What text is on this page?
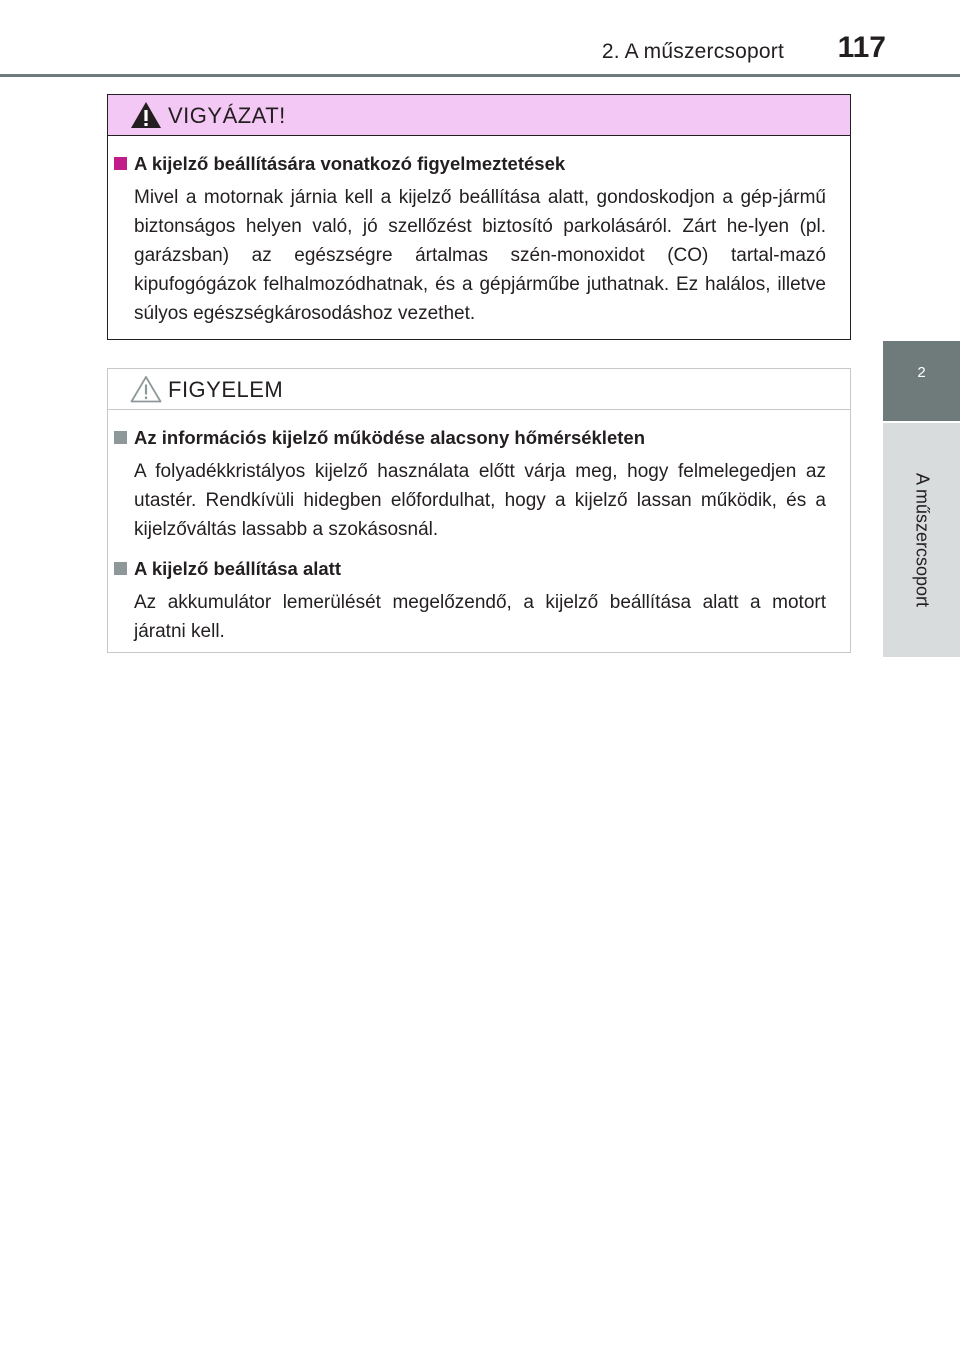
2. A műszercsoport	117
2
A műszercsoport
VIGYÁZAT!
A kijelző beállítására vonatkozó figyelmeztetések
Mivel a motornak járnia kell a kijelző beállítása alatt, gondoskodjon a gép-jármű biztonságos helyen való, jó szellőzést biztosító parkolásáról. Zárt he-lyen (pl. garázsban) az egészségre ártalmas szén-monoxidot (CO) tartal-mazó kipufogógázok felhalmozódhatnak, és a gépjárműbe juthatnak. Ez halálos, illetve súlyos egészségkárosodáshoz vezethet.
FIGYELEM
Az információs kijelző működése alacsony hőmérsékleten
A folyadékkristályos kijelző használata előtt várja meg, hogy felmelegedjen az utastér. Rendkívüli hidegben előfordulhat, hogy a kijelző lassan működik, és a kijelzőváltás lassabb a szokásosnál.
A kijelző beállítása alatt
Az akkumulátor lemerülését megelőzendő, a kijelző beállítása alatt a motort járatni kell.
